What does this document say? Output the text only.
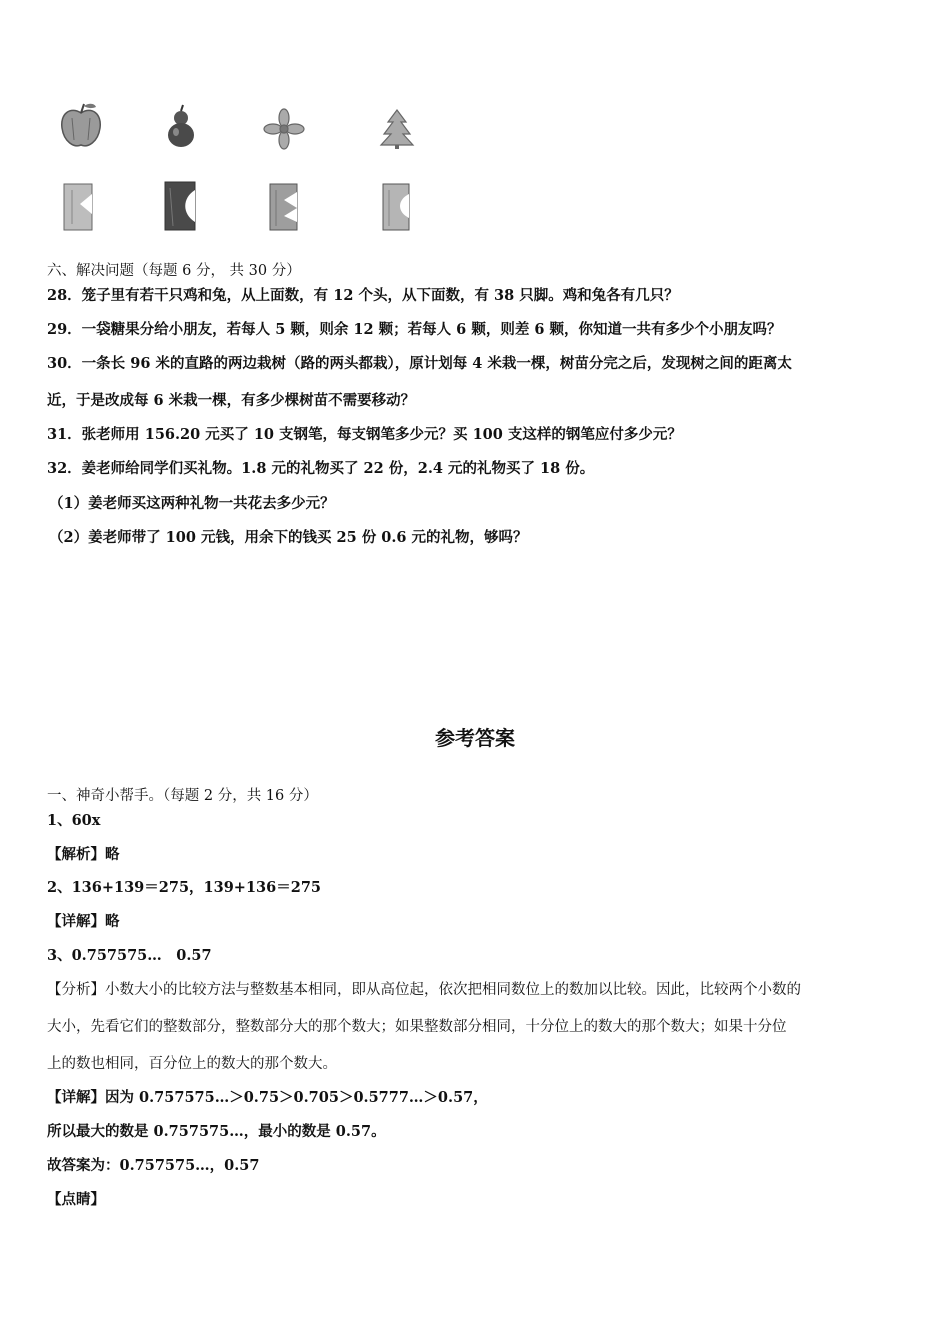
六、解决问题（每题 6 分， 共 30 分）
28．笼子里有若干只鸡和兔，从上面数，有 12 个头，从下面数，有 38 只脚。鸡和兔各有几只？
29．一袋糖果分给小朋友，若每人 5 颗，则余 12 颗；若每人 6 颗，则差 6 颗，你知道一共有多少个小朋友吗？
30．一条长 96 米的直路的两边栽树（路的两头都栽），原计划每 4 米栽一棵，树苗分完之后，发现树之间的距离太
近，于是改成每 6 米栽一棵，有多少棵树苗不需要移动？
31．张老师用 156.20 元买了 10 支钢笔，每支钢笔多少元？买 100 支这样的钢笔应付多少元？
32．姜老师给同学们买礼物。1.8 元的礼物买了 22 份，2.4 元的礼物买了 18 份。
（1）姜老师买这两种礼物一共花去多少元？
（2）姜老师带了 100 元钱，用余下的钱买 25 份 0.6 元的礼物，够吗？
参考答案
一、神奇小帮手。（每题 2 分，共 16 分）
1、60x
【解析】略
2、136+139＝275，139+136＝275
【详解】略
3、0.757575…　0.57
【分析】小数大小的比较方法与整数基本相同，即从高位起，依次把相同数位上的数加以比较。因此，比较两个小数的
大小，先看它们的整数部分，整数部分大的那个数大；如果整数部分相同，十分位上的数大的那个数大；如果十分位
上的数也相同，百分位上的数大的那个数大。
【详解】因为 0.757575…＞0.75＞0.705＞0.5777…＞0.57，
所以最大的数是 0.757575…，最小的数是 0.57。
故答案为：0.757575…，0.57
【点睛】
